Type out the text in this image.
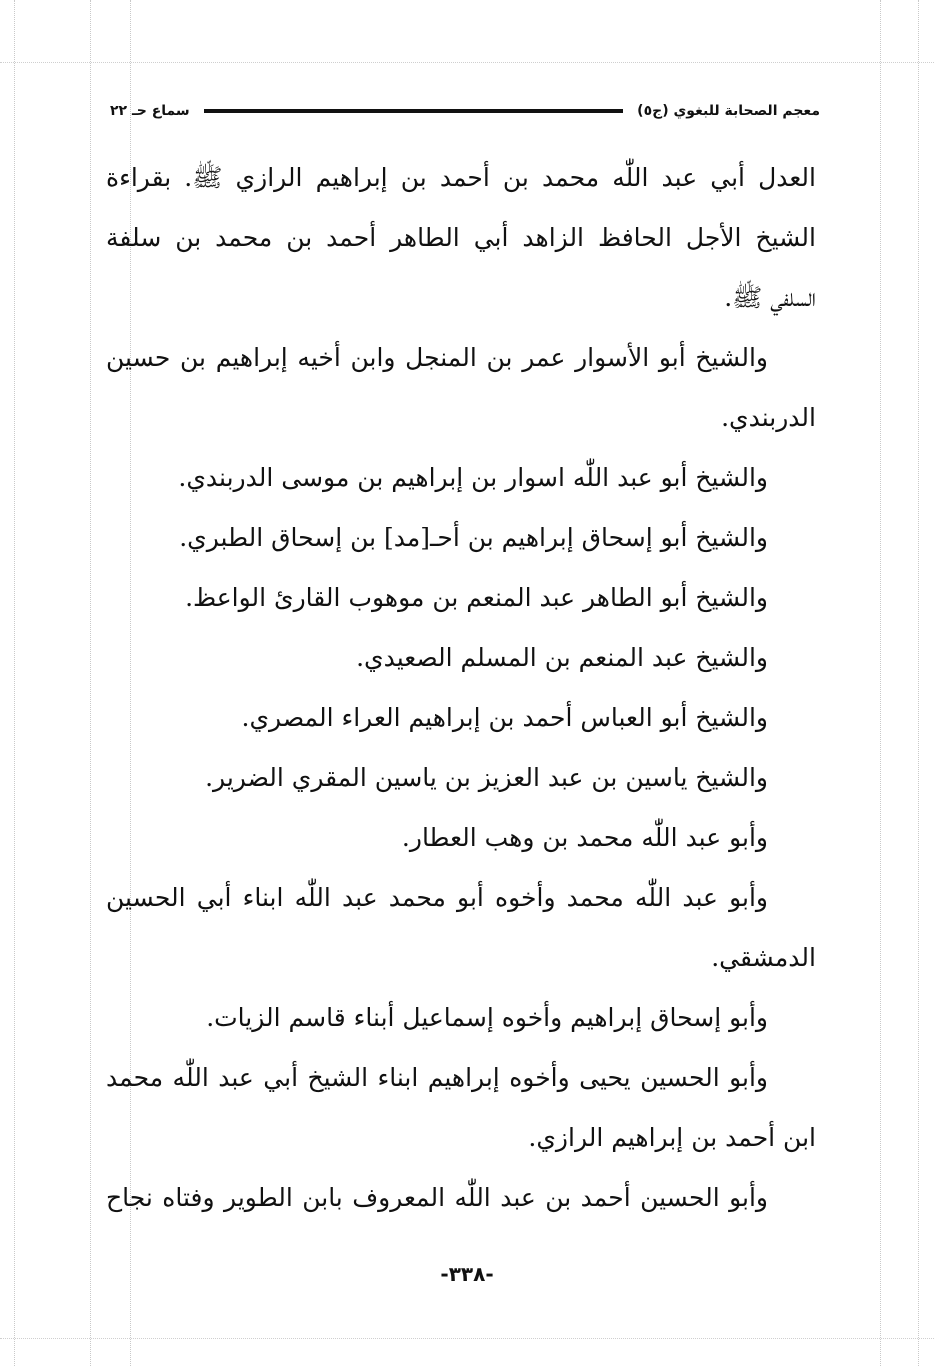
معجم الصحابة للبغوي (ج٥)
سماع حـ ٢٢
العدل أبي عبد اللّٰه محمد بن أحمد بن إبراهيم الرازي ﷺ. بقراءة
الشيخ الأجل الحافظ الزاهد أبي الطاهر أحمد بن محمد بن سلفة
السلفي ﷺ.
والشيخ أبو الأسوار عمر بن المنجل وابن أخيه إبراهيم بن حسين
الدربندي.
والشيخ أبو عبد اللّٰه اسوار بن إبراهيم بن موسى الدربندي.
والشيخ أبو إسحاق إبراهيم بن أحـ[مد] بن إسحاق الطبري.
والشيخ أبو الطاهر عبد المنعم بن موهوب القارئ الواعظ.
والشيخ عبد المنعم بن المسلم الصعيدي.
والشيخ أبو العباس أحمد بن إبراهيم العراء المصري.
والشيخ ياسين بن عبد العزيز بن ياسين المقري الضرير.
وأبو عبد اللّٰه محمد بن وهب العطار.
وأبو عبد اللّٰه محمد وأخوه أبو محمد عبد اللّٰه ابناء أبي الحسين
الدمشقي.
وأبو إسحاق إبراهيم وأخوه إسماعيل أبناء قاسم الزيات.
وأبو الحسين يحيى وأخوه إبراهيم ابناء الشيخ أبي عبد اللّٰه محمد
ابن أحمد بن إبراهيم الرازي.
وأبو الحسين أحمد بن عبد اللّٰه المعروف بابن الطوير وفتاه نجاح
-٣٣٨-
